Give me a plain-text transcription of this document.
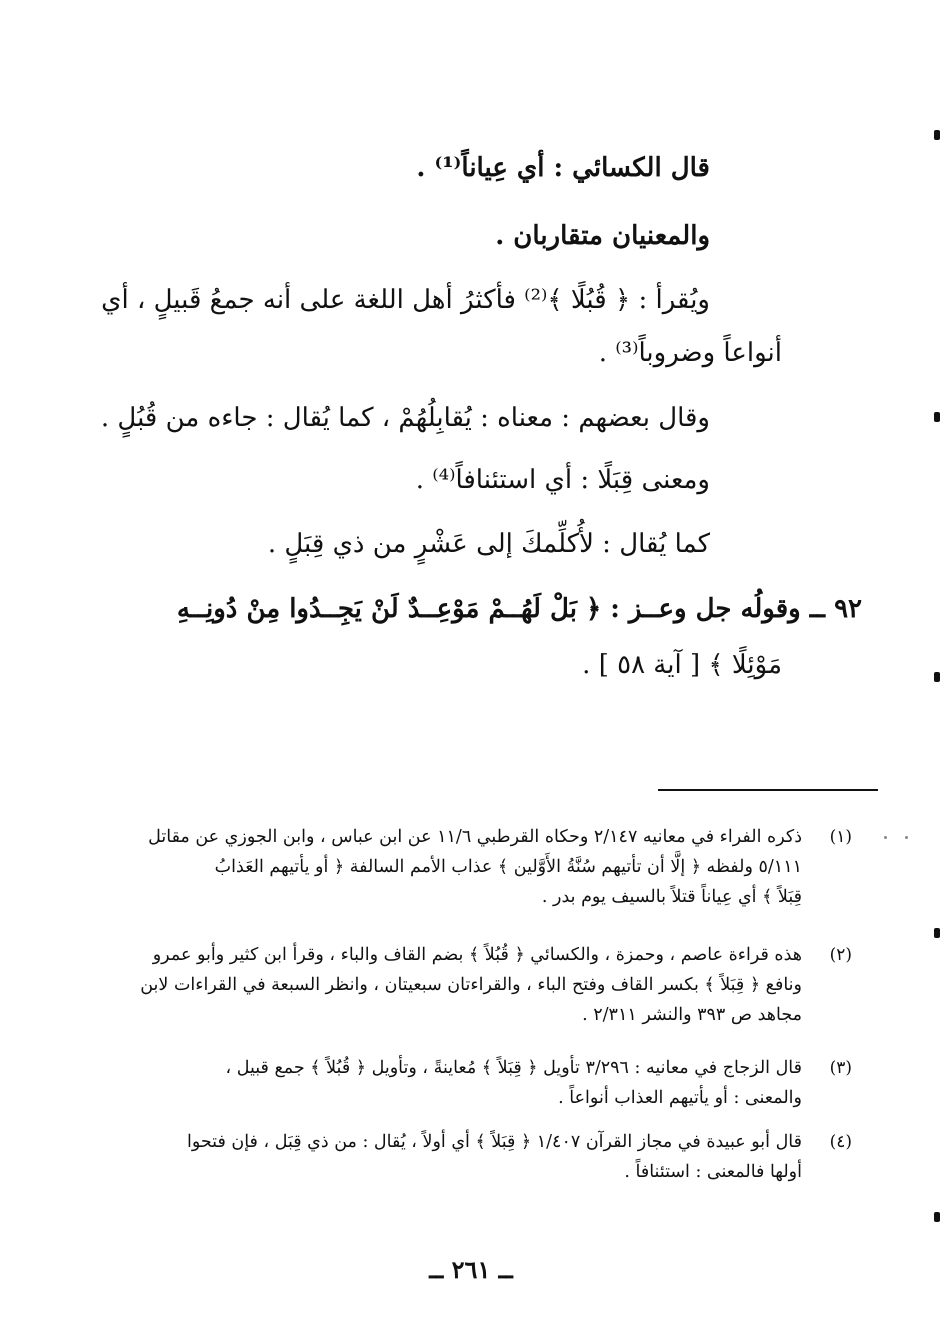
قال الكسائي : أي عِياناً⁽¹⁾ .
والمعنيان متقاربان .
ويُقرأ : ﴿ قُبُلًا ﴾⁽²⁾ فأكثرُ أهل اللغة على أنه جمعُ قَبيلٍ ، أي
أنواعاً وضروباً⁽³⁾ .
وقال بعضهم : معناه : يُقابِلُهُمْ ، كما يُقال : جاءه من قُبُلٍ .
ومعنى قِبَلًا : أي استئنافاً⁽⁴⁾ .
كما يُقال : لأُكلِّمكَ إلى عَشْرٍ من ذي قِبَلٍ .
٩٢ ــ وقولُه جل وعــز : ﴿ بَلْ لَهُــمْ مَوْعِــدٌ لَنْ يَجِــدُوا مِنْ دُونِــهِ
مَوْئِلًا ﴾ [ آية ٥٨ ] .
(١)
ذكره الفراء في معانيه ٢/١٤٧ وحكاه القرطبي ١١/٦ عن ابن عباس ، وابن الجوزي عن مقاتل
٥/١١١ ولفظه ﴿ إلَّا أن تأتيهم سُنَّةُ الأَوَّلين ﴾ عذاب الأمم السالفة ﴿ أو يأتيهم العَذابُ
قِبَلاً ﴾ أي عِياناً قتلاً بالسيف يوم بدر .
(٢)
هذه قراءة عاصم ، وحمزة ، والكسائي ﴿ قُبُلاً ﴾ بضم القاف والباء ، وقرأ ابن كثير وأبو عمرو
ونافع ﴿ قِبَلاً ﴾ بكسر القاف وفتح الباء ، والقراءتان سبعيتان ، وانظر السبعة في القراءات لابن
مجاهد ص ٣٩٣ والنشر ٢/٣١١ .
(٣)
قال الزجاج في معانيه : ٣/٢٩٦ تأويل ﴿ قِبَلاً ﴾ مُعاينةً ، وتأويل ﴿ قُبُلاً ﴾ جمع قبيل ،
والمعنى : أو يأتيهم العذاب أنواعاً .
(٤)
قال أبو عبيدة في مجاز القرآن ١/٤٠٧ ﴿ قِبَلاً ﴾ أي أولاً ، يُقال : من ذي قِبَل ، فإن فتحوا
أولها فالمعنى : استئنافاً .
ــ ٢٦١ ــ
